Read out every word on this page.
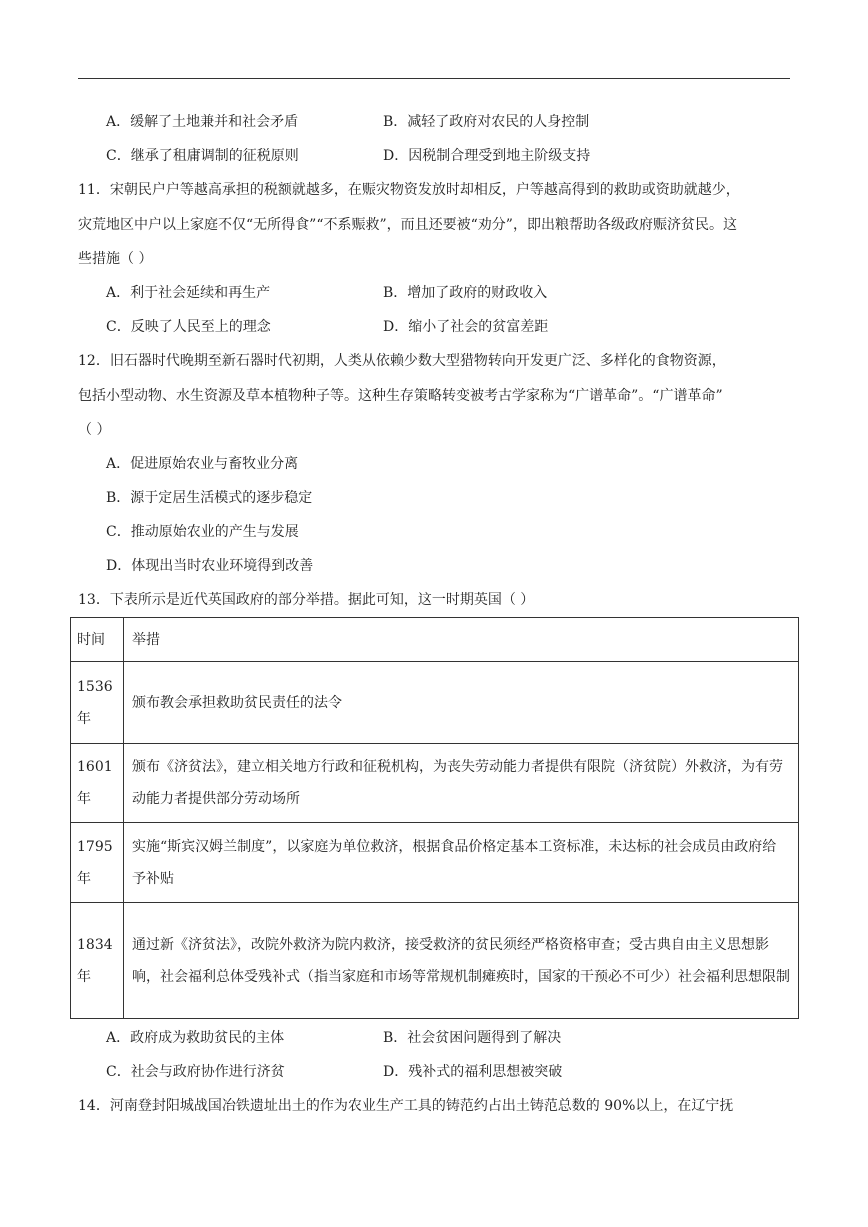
A．缓解了土地兼并和社会矛盾	B．减轻了政府对农民的人身控制
C．继承了租庸调制的征税原则	D．因税制合理受到地主阶级支持
11．宋朝民户户等越高承担的税额就越多，在赈灾物资发放时却相反，户等越高得到的救助或资助就越少，
灾荒地区中户以上家庭不仅“无所得食”“不系赈救”，而且还要被“劝分”，即出粮帮助各级政府赈济贫民。这
些措施（ ）
A．利于社会延续和再生产	B．增加了政府的财政收入
C．反映了人民至上的理念	D．缩小了社会的贫富差距
12．旧石器时代晚期至新石器时代初期，人类从依赖少数大型猎物转向开发更广泛、多样化的食物资源，
包括小型动物、水生资源及草本植物种子等。这种生存策略转变被考古学家称为“广谱革命”。“广谱革命”
（ ）
A．促进原始农业与畜牧业分离
B．源于定居生活模式的逐步稳定
C．推动原始农业的产生与发展
D．体现出当时农业环境得到改善
13．下表所示是近代英国政府的部分举措。据此可知，这一时期英国（ ）
时间	举措

1536
年	颁布教会承担救助贫民责任的法令

1601
年	颁布《济贫法》，建立相关地方行政和征税机构，为丧失劳动能力者提供有限院（济贫院）外救济，为有劳动能力者提供部分劳动场所

1795
年	实施“斯宾汉姆兰制度”，以家庭为单位救济，根据食品价格定基本工资标准，未达标的社会成员由政府给予补贴

1834
年	通过新《济贫法》，改院外救济为院内救济，接受救济的贫民须经严格资格审查；受古典自由主义思想影响，社会福利总体受残补式（指当家庭和市场等常规机制瘫痪时，国家的干预必不可少）社会福利思想限制
A．政府成为救助贫民的主体	B．社会贫困问题得到了解决
C．社会与政府协作进行济贫	D．残补式的福利思想被突破
14．河南登封阳城战国冶铁遗址出土的作为农业生产工具的铸范约占出土铸范总数的 90%以上，在辽宁抚
